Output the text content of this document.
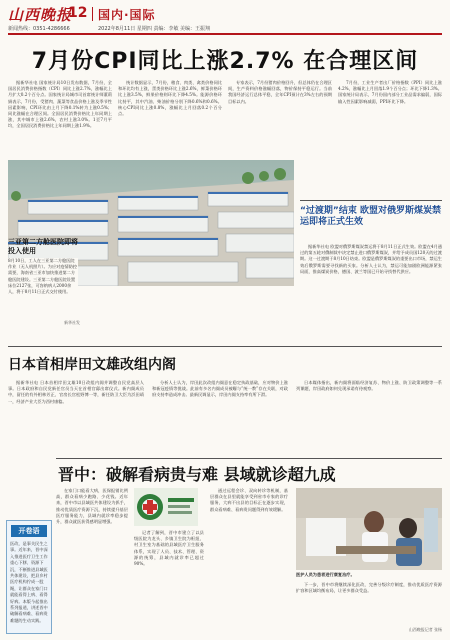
山西晚报
12 国内·国际
新闻热线：0351-4286666	2022年8月11日 星期四 责编：李敏 美编：王振翔
7月份CPI同比上涨2.7% 在合理区间

据新华社电 国家统计局10日发布数据，7月份，全国居民消费价格指数（CPI）同比上涨2.7%，涨幅比上月扩大0.2个百分点。国家统计局城市司首席统计师董莉娟表示，7月份，受猪肉、蔬菜等食品价格上涨及季节性因素影响，CPI环比由上月下降0.1%转为上涨0.5%；同比涨幅在合理区间。全国居民消费价格比上年同期上涨，其中城市上涨2.6%，农村上涨3.0%。1至7月平均，全国居民消费价格比上年同期上涨1.9%。

统计数据显示，7月份，粮食、肉类、禽类价格同比和环比均有上涨，蛋类价格环比上涨2.6%，鲜菜价格环比上涨3.5%，鲜果价格则环比下降4.5%。能源价格环比持平，其中汽油、柴油价格分别下降0.6%和0.6%。核心CPI同比上涨0.8%，涨幅比上月回落0.2个百分点。

专家表示，7月份猪肉价格回升，但总体仍在合理区间，生产资料价格涨幅回落，物价保持平稳运行。当前我国经济运行总体平稳，全年CPI预计在3%左右的预期目标以内。

7月份，工业生产者出厂价格指数（PPI）同比上涨4.2%，涨幅比上月回落1.9个百分点；环比下降1.3%。国家统计局表示，7月份国内部分工业品需求偏弱，国际输入性因素影响减弱，PPI环比下降。

三亚第二方舱医院即将投入使用
8月10日，工人在三亚第二方舱医院作业（无人机照片）。为应对疫情防控需要，海南省三亚市加快推进第二方舱医院建设。三亚第二方舱医院设置床位2127张，可容纳病人2000余人，将于8月11日正式交付使用。
新华社发
“过渡期”结束 欧盟对俄罗斯煤炭禁运即将正式生效

据新华社电 欧盟对俄罗斯煤炭禁运将于8月11日正式生效。欧盟在4月通过的第五轮对俄制裁中决定禁止进口俄罗斯煤炭，并给予成员国120天的过渡期。这一过渡期于8月10日结束。欧盟是俄罗斯煤炭的重要出口市场，禁运生效后俄罗斯需要寻找新的买家。分析人士认为，禁运可能加剧欧洲能源紧张局面，推高煤炭价格，德国、波兰等国已开始寻找替代供应。

日本首相岸田文雄改组内阁

据新华社电 日本首相岸田文雄10日改组内阁并调整自民党高层人事。日本政府和自民党新任官员当天在首相官邸出席仪式。新内阁成员中，留任的有外相林芳正、官房长官松野博一等，新任防卫大臣为浜田靖一，经济产业大臣为西村康稔。

分析人士认为，岸田此次改组内阁意在稳定执政基础，应对物价上涨和新冠疫情等挑战。此前有多名内阁成员被曝与“统一教”存在关联，对政府支持率造成冲击。最新民调显示，岸田内阁支持率有所下滑。

日本媒体指出，新内阁将面临经济复苏、物价上涨、防卫政策调整等一系列课题，岸田政府如何兑现承诺有待观察。

开卷语
医改，是事关民生之事。近年来，晋中深入推进医疗卫生工作重心下移、资源下沉，不断推进县域医共体建设，把县乡村医疗机构拧成一股绳，让群众在家门口就能看得上病、看得好病。本版今起推出系列报道，讲述晋中破解看病难、看病贵难题的生动实践。
晋中：破解看病贵与难 县域就诊超九成

在家门口能看大病，医保报销比例高，群众看病少跑路、少花钱。近年来，晋中市以县域医共体建设为抓手，推动优质医疗资源下沉，持续提升基层医疗服务能力，县域内就诊率稳步提升，群众就医获得感明显增强。

记者了解到，晋中市建立了以县级医院为龙头、乡镇卫生院为枢纽、村卫生室为基础的县域医疗卫生服务体系，实现了人员、技术、管理、资源的统筹，县域内就诊率已超过90%。

通过远程会诊、双向转诊等机制，基层群众在县里就能享受到省市专家的诊疗服务，大病不出县的目标正在逐步实现，群众看病难、看病贵问题得到有效缓解。

医护人员为患者进行康复治疗。

下一步，晋中市将继续深化医改，完善分级诊疗制度，推动优质医疗资源扩容和区域均衡布局，让更多群众受益。

山西晚报记者 张杨
